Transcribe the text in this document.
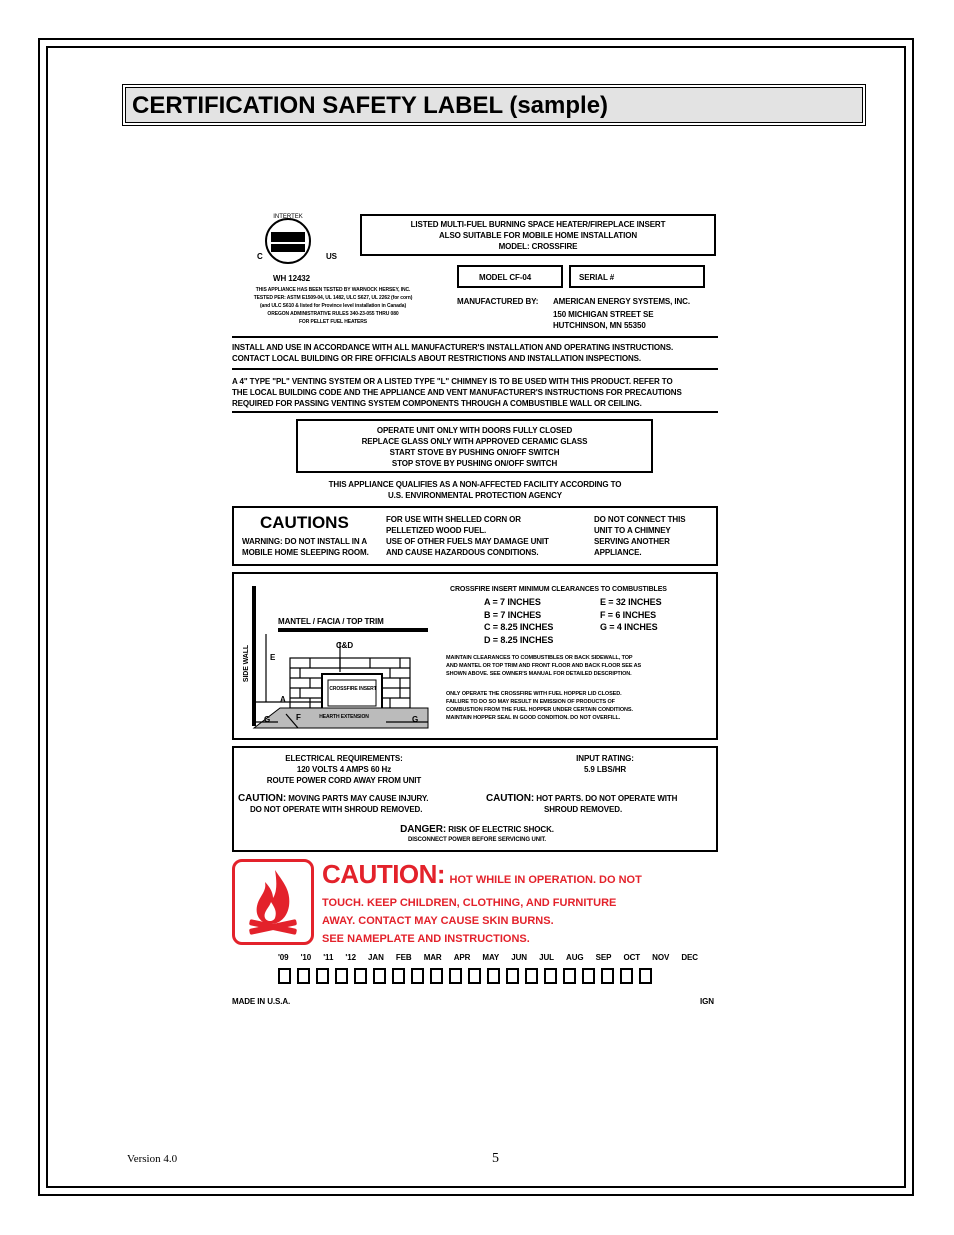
CERTIFICATION SAFETY LABEL (sample)
INTERTEK
C	US
WH 12432
THIS APPLIANCE HAS BEEN TESTED BY WARNOCK HERSEY, INC.
TESTED PER: ASTM E1509-04, UL 1482, ULC S627, UL 2262 (for corn)
(and ULC S610 & listed for Province level installation in Canada)
OREGON ADMINISTRATIVE RULES 340-23-055 THRU 080
FOR PELLET FUEL HEATERS
LISTED MULTI-FUEL BURNING SPACE HEATER/FIREPLACE INSERT
ALSO SUITABLE FOR MOBILE HOME INSTALLATION
MODEL: CROSSFIRE
MODEL CF-04	SERIAL #
MANUFACTURED BY: AMERICAN ENERGY SYSTEMS, INC.
150 MICHIGAN STREET SE
HUTCHINSON, MN 55350
INSTALL AND USE IN ACCORDANCE WITH ALL MANUFACTURER'S INSTALLATION AND OPERATING INSTRUCTIONS.
CONTACT LOCAL BUILDING OR FIRE OFFICIALS ABOUT RESTRICTIONS AND INSTALLATION INSPECTIONS.
A 4" TYPE "PL" VENTING SYSTEM OR A LISTED TYPE "L" CHIMNEY IS TO BE USED WITH THIS PRODUCT. REFER TO
THE LOCAL BUILDING CODE AND THE APPLIANCE AND VENT MANUFACTURER'S INSTRUCTIONS FOR PRECAUTIONS
REQUIRED FOR PASSING VENTING SYSTEM COMPONENTS THROUGH A COMBUSTIBLE WALL OR CEILING.
OPERATE UNIT ONLY WITH DOORS FULLY CLOSED
REPLACE GLASS ONLY WITH APPROVED CERAMIC GLASS
START STOVE BY PUSHING ON/OFF SWITCH
STOP STOVE BY PUSHING ON/OFF SWITCH
THIS APPLIANCE QUALIFIES AS A NON-AFFECTED FACILITY ACCORDING TO
U.S. ENVIRONMENTAL PROTECTION AGENCY
CAUTIONS
WARNING: DO NOT INSTALL IN A
MOBILE HOME SLEEPING ROOM.
FOR USE WITH SHELLED CORN OR
PELLETIZED WOOD FUEL.
USE OF OTHER FUELS MAY DAMAGE UNIT
AND CAUSE HAZARDOUS CONDITIONS.
DO NOT CONNECT THIS
UNIT TO A CHIMNEY
SERVING ANOTHER
APPLIANCE.
MANTEL / FACIA / TOP TRIM
C&D
SIDE WALL E
A
G	F	G
CROSSFIRE INSERT
HEARTH EXTENSION
CROSSFIRE INSERT MINIMUM CLEARANCES TO COMBUSTIBLES
A = 7 INCHES
B = 7 INCHES
C = 8.25 INCHES
D = 8.25 INCHES
E = 32 INCHES
F = 6 INCHES
G = 4 INCHES
MAINTAIN CLEARANCES TO COMBUSTIBLES OR BACK SIDEWALL, TOP
AND MANTEL OR TOP TRIM AND FRONT FLOOR AND BACK FLOOR SEE AS
SHOWN ABOVE. SEE OWNER'S MANUAL FOR DETAILED DESCRIPTION.
ONLY OPERATE THE CROSSFIRE WITH FUEL HOPPER LID CLOSED.
FAILURE TO DO SO MAY RESULT IN EMISSION OF PRODUCTS OF
COMBUSTION FROM THE FUEL HOPPER UNDER CERTAIN CONDITIONS.
MAINTAIN HOPPER SEAL IN GOOD CONDITION. DO NOT OVERFILL.
ELECTRICAL REQUIREMENTS:
120 VOLTS 4 AMPS 60 Hz
ROUTE POWER CORD AWAY FROM UNIT
INPUT RATING:
5.9 LBS/HR
CAUTION: MOVING PARTS MAY CAUSE INJURY.
DO NOT OPERATE WITH SHROUD REMOVED.
CAUTION: HOT PARTS. DO NOT OPERATE WITH
SHROUD REMOVED.
DANGER: RISK OF ELECTRIC SHOCK.
DISCONNECT POWER BEFORE SERVICING UNIT.
CAUTION: HOT WHILE IN OPERATION. DO NOT
TOUCH. KEEP CHILDREN, CLOTHING, AND FURNITURE
AWAY. CONTACT MAY CAUSE SKIN BURNS.
SEE NAMEPLATE AND INSTRUCTIONS.
'09 '10 '11 '12 JAN FEB MAR APR MAY JUN JUL AUG SEP OCT NOV DEC
MADE IN U.S.A.	IGN
Version 4.0	5
